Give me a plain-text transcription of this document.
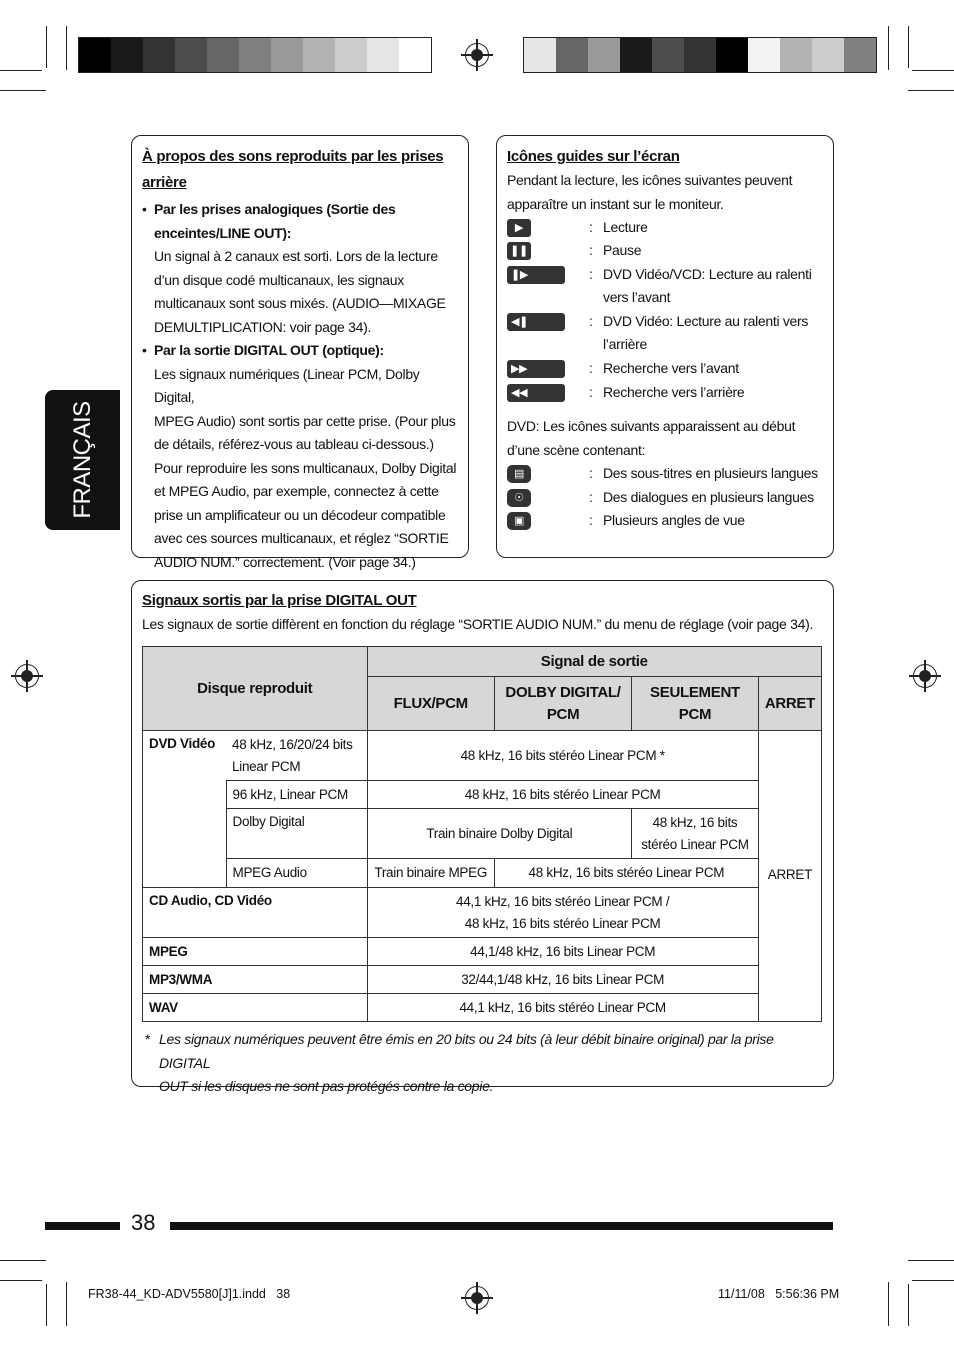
FRANÇAIS
À propos des sons reproduits par les prises
arrière
• Par les prises analogiques (Sortie des
enceintes/LINE OUT):
Un signal à 2 canaux est sorti. Lors de la lecture
d’un disque codé multicanaux, les signaux
multicanaux sont sous mixés. (AUDIO—MIXAGE
DEMULTIPLICATION: voir page 34).
• Par la sortie DIGITAL OUT (optique):
Les signaux numériques (Linear PCM, Dolby Digital,
MPEG Audio) sont sortis par cette prise. (Pour plus
de détails, référez-vous au tableau ci-dessous.)
Pour reproduire les sons multicanaux, Dolby Digital
et MPEG Audio, par exemple, connectez à cette
prise un amplificateur ou un décodeur compatible
avec ces sources multicanaux, et réglez “SORTIE
AUDIO NUM.” correctement. (Voir page 34.)
Icônes guides sur l’écran
Pendant la lecture, les icônes suivantes peuvent
apparaître un instant sur le moniteur.
▶	: Lecture
❚❚	: Pause
❚▶	: DVD Vidéo/VCD: Lecture au ralenti
vers l’avant
◀❚	: DVD Vidéo: Lecture au ralenti vers
l’arrière
▶▶	: Recherche vers l’avant
◀◀	: Recherche vers l’arrière
DVD: Les icônes suivants apparaissent au début
d’une scène contenant:
▤	: Des sous-titres en plusieurs langues
☉	: Des dialogues en plusieurs langues
▣	: Plusieurs angles de vue
Signaux sortis par la prise DIGITAL OUT
Les signaux de sortie diffèrent en fonction du réglage “SORTIE AUDIO NUM.” du menu de réglage (voir page 34).
Disque reproduit		Signal de sortie			
		FLUX/PCM	DOLBY DIGITAL/ PCM	SEULEMENT PCM	ARRET
DVD Vidéo	48 kHz, 16/20/24 bits Linear PCM	48 kHz, 16 bits stéréo Linear PCM *			ARRET
	96 kHz, Linear PCM	48 kHz, 16 bits stéréo Linear PCM			
	Dolby Digital	Train binaire Dolby Digital		48 kHz, 16 bits stéréo Linear PCM	
	MPEG Audio	Train binaire MPEG	48 kHz, 16 bits stéréo Linear PCM		
CD Audio, CD Vidéo		44,1 kHz, 16 bits stéréo Linear PCM /
48 kHz, 16 bits stéréo Linear PCM			
MPEG		44,1/48 kHz, 16 bits Linear PCM			
MP3/WMA		32/44,1/48 kHz, 16 bits Linear PCM			
WAV		44,1 kHz, 16 bits stéréo Linear PCM			
* Les signaux numériques peuvent être émis en 20 bits ou 24 bits (à leur débit binaire original) par la prise DIGITAL
OUT si les disques ne sont pas protégés contre la copie.
38
FR38-44_KD-ADV5580[J]1.indd   38	11/11/08   5:56:36 PM
